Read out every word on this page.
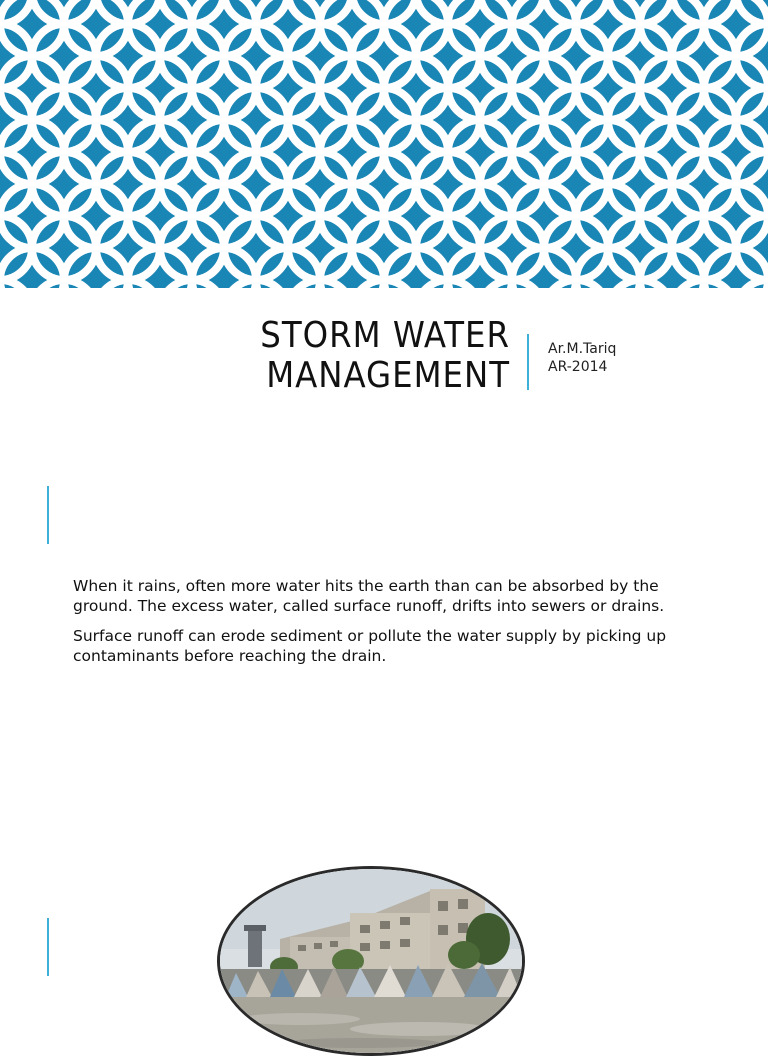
STORM WATER
MANAGEMENT
Ar.M.Tariq
AR-2014

When it rains, often more water hits the earth than can be absorbed by the ground. The excess water, called surface runoff, drifts into sewers or drains.

Surface runoff can erode sediment or pollute the water supply by picking up contaminants before reaching the drain.
